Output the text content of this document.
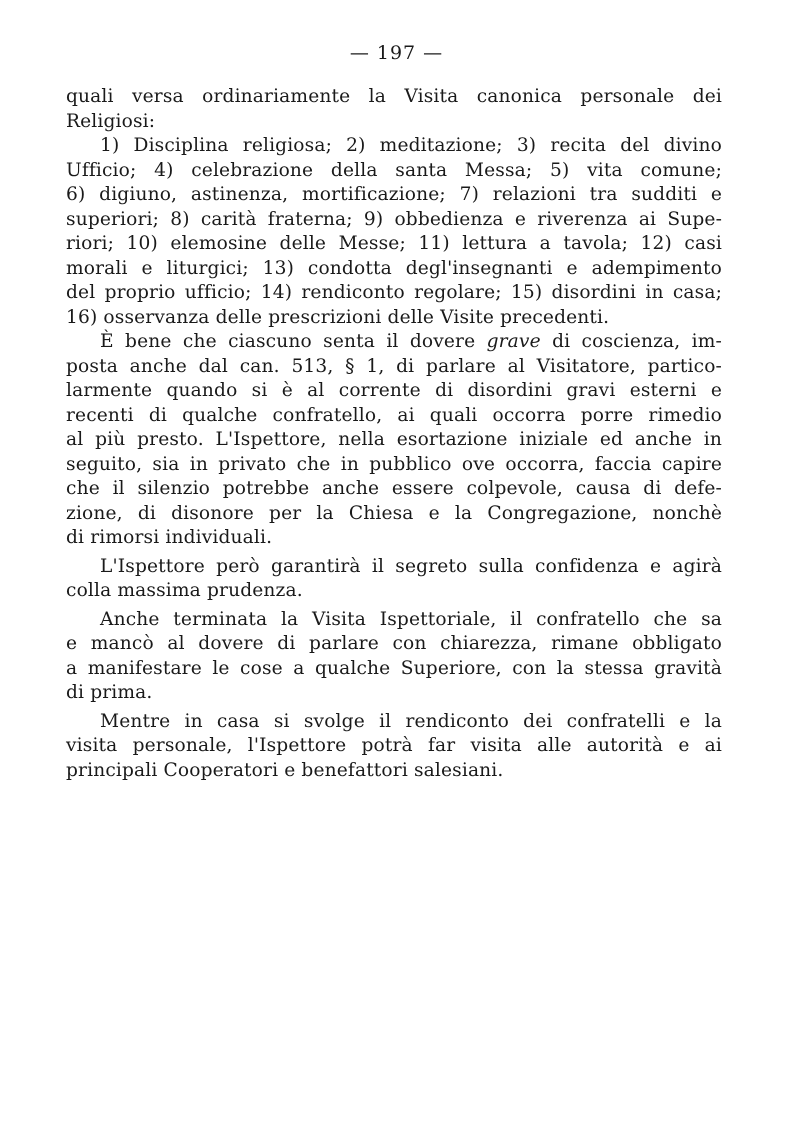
— 197 —
quali versa ordinariamente la Visita canonica personale dei
Religiosi:
1) Disciplina religiosa; 2) meditazione; 3) recita del divino
Ufficio; 4) celebrazione della santa Messa; 5) vita comune;
6) digiuno, astinenza, mortificazione; 7) relazioni tra sudditi e
superiori; 8) carità fraterna; 9) obbedienza e riverenza ai Supe-
riori; 10) elemosine delle Messe; 11) lettura a tavola; 12) casi
morali e liturgici; 13) condotta degl'insegnanti e adempimento
del proprio ufficio; 14) rendiconto regolare; 15) disordini in casa;
16) osservanza delle prescrizioni delle Visite precedenti.
È bene che ciascuno senta il dovere grave di coscienza, im-
posta anche dal can. 513, § 1, di parlare al Visitatore, partico-
larmente quando si è al corrente di disordini gravi esterni e
recenti di qualche confratello, ai quali occorra porre rimedio
al più presto. L'Ispettore, nella esortazione iniziale ed anche in
seguito, sia in privato che in pubblico ove occorra, faccia capire
che il silenzio potrebbe anche essere colpevole, causa di defe-
zione, di disonore per la Chiesa e la Congregazione, nonchè
di rimorsi individuali.
L'Ispettore però garantirà il segreto sulla confidenza e agirà
colla massima prudenza.
Anche terminata la Visita Ispettoriale, il confratello che sa
e mancò al dovere di parlare con chiarezza, rimane obbligato
a manifestare le cose a qualche Superiore, con la stessa gravità
di prima.
Mentre in casa si svolge il rendiconto dei confratelli e la
visita personale, l'Ispettore potrà far visita alle autorità e ai
principali Cooperatori e benefattori salesiani.
